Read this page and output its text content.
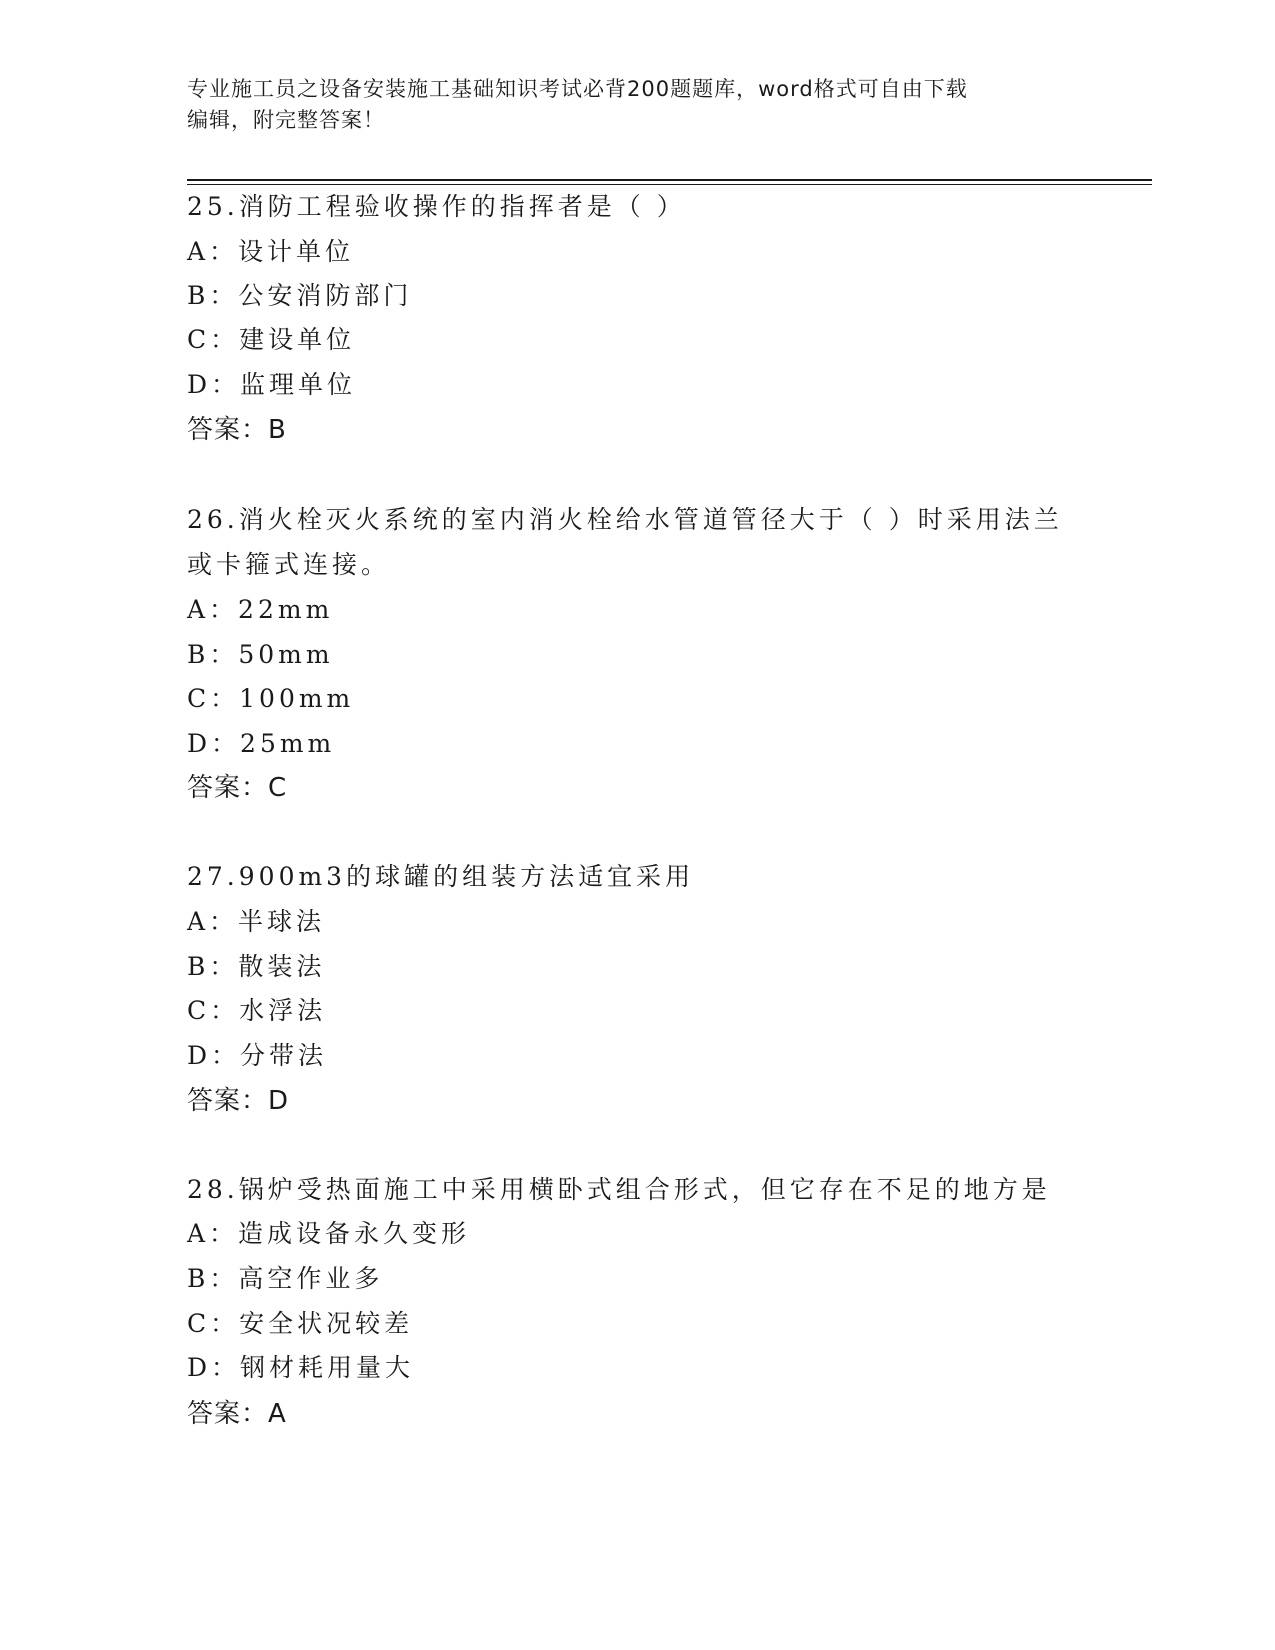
专业施工员之设备安装施工基础知识考试必背200题题库，word格式可自由下载
编辑，附完整答案！
25.消防工程验收操作的指挥者是（ ）
A：设计单位
B：公安消防部门
C：建设单位
D：监理单位
答案：B
26.消火栓灭火系统的室内消火栓给水管道管径大于（ ）时采用法兰
或卡箍式连接。
A：22mm
B：50mm
C：100mm
D：25mm
答案：C
27.900m3的球罐的组装方法适宜采用
A：半球法
B：散装法
C：水浮法
D：分带法
答案：D
28.锅炉受热面施工中采用横卧式组合形式，但它存在不足的地方是
A：造成设备永久变形
B：高空作业多
C：安全状况较差
D：钢材耗用量大
答案：A
